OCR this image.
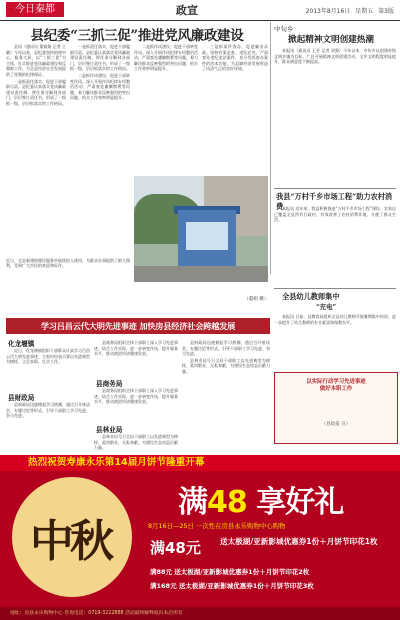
今日秦都	政宣	2013年8月16日 星期五 第3版
县纪委“三抓三促”推进党风廉政建设

县讯（通讯员 董娟娟 记者 王璐）今年以来，县纪委坚持围绕中心，服务大局，以“三抓三促”为主线，扎实推进党风廉政建设和反腐败工作，为全县经济社会发展提供了坚强的纪律保证。

一是抓责任落实，促进干部履职尽责。县纪委认真落实党风廉政建设责任制，将任务分解到各部门，层层签订责任书，形成了一级抓一级、层层抓落实的工作格局。

一是抓责任落实，促进干部履职尽责。县纪委认真落实党风廉政建设责任制，将任务分解到各部门，层层签订责任书，形成了一级抓一级、层层抓落实的工作格局。

二是抓作风建设，促进干部转变作风。深入开展作风纪律专项整治活动，严肃查处庸懒散奢等问题，着力解决群众反映强烈的突出问题，机关工作效率明显提升。

二是抓作风建设，促进干部转变作风。深入开展作风纪律专项整治活动，严肃查处庸懒散奢等问题，着力解决群众反映强烈的突出问题，机关工作效率明显提升。

三是抓案件查办，促进廉洁从政。坚持有案必查、违纪必究，严肃查处违纪违法案件，充分发挥查办案件的治本功能，为县域经济发展营造了风清气正的良好环境。

近日，全县新建的便民服务亭陆续投入使用，为群众办事提供了极大便利，受到广大市民的欢迎和好评。
（董娟 摄）
中旬乡
掀起精神文明创建热潮

本报讯（通讯员 王芳 记者 刘强）今年以来，中旬乡以创建省级文明乡镇为目标，广泛开展精神文明创建活动，全乡文明程度明显提升，群众满意度不断提高。

我县“万村千乡市场工程”助力农村消费

本报讯 近年来，我县积极推进“万村千乡市场工程”建设，农家店已覆盖全县所有行政村，有效改善了农村消费环境，方便了群众生活。

全县幼儿教师集中
“充电”

本报讯 日前，县教育局组织全县幼儿教师开展暑期集中培训，进一步提升了幼儿教师的专业素质和保教水平。

学习吕昌云代大明先进事迹 加快房县经济社会跨越发展
化龙堰镇

近日，化龙堰镇组织干部群众认真学习吕昌云代大明先进事迹，大家纷纷表示要以先进典型为榜样，立足本职，扎实工作。

县财政局

县财政局迅速掀起学习热潮，通过召开座谈会、专题讨论等形式，引导干部职工学习先进、争当先进。

县商务局

县商务局组织全体干部职工深入学习先进事迹，结合工作实际，进一步转变作风，提升服务水平，推动商贸经济健康发展。

县商务局组织全体干部职工深入学习先进事迹，结合工作实际，进一步转变作风，提升服务水平，推动商贸经济健康发展。

县林业局

县林业局号召全局干部职工以先进典型为榜样，爱岗敬业，无私奉献，为建设生态房县贡献力量。

县财政局迅速掀起学习热潮，通过召开座谈会、专题讨论等形式，引导干部职工学习先进、争当先进。

县林业局号召全局干部职工以先进典型为榜样，爱岗敬业，无私奉献，为建设生态房县贡献力量。

以实际行动学习先进事迹
做好本职工作
（县政报 宣）
热烈祝贺寿康永乐第14届月饼节隆重开幕
中秋
满48 享好礼
8月16日—25日 一次性在房县永乐购物中心购物
满48元	送太极湖/亚新影城优惠券1份＋月饼节印花1枚
满88元 送太极湖/亚新影城优惠券1份＋月饼节印花2枚
满168元 送太极湖/亚新影城优惠券1份＋月饼节印花3枚
地址：房县永乐购物中心 咨询电话：0719-3222888 活动最终解释权归本店所有
